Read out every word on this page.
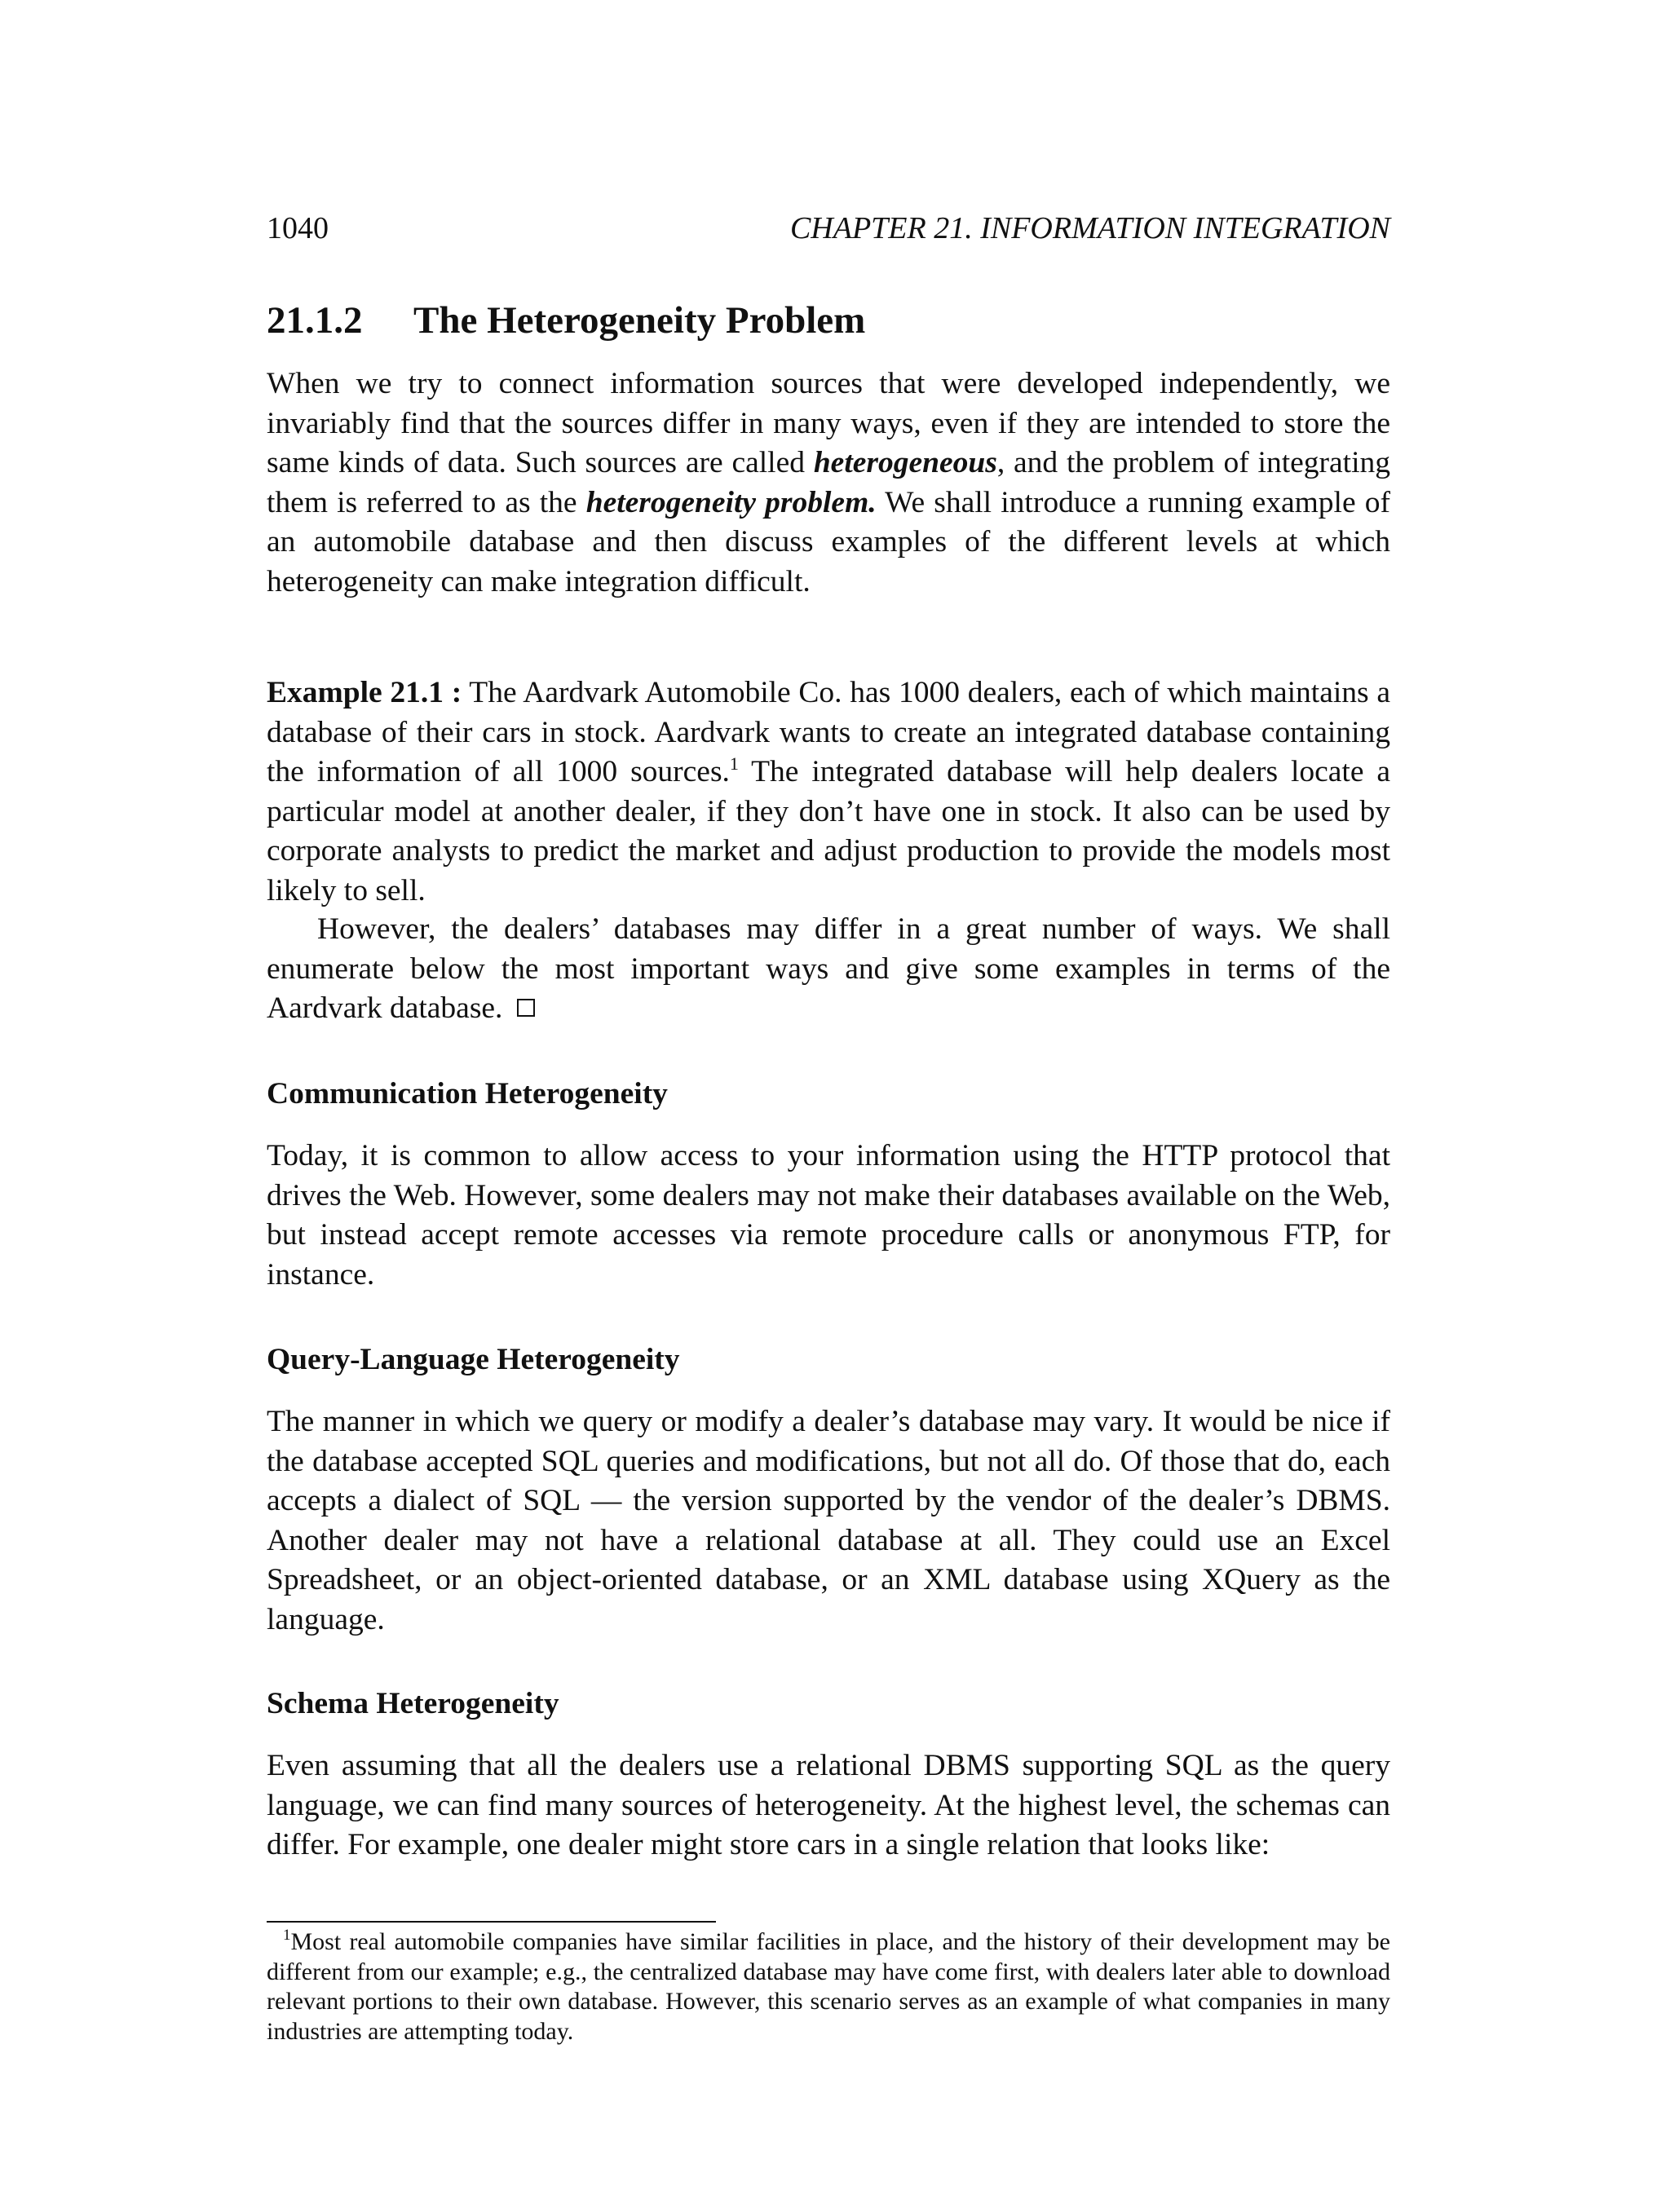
1040	CHAPTER 21. INFORMATION INTEGRATION
21.1.2 The Heterogeneity Problem

When we try to connect information sources that were developed independently, we invariably find that the sources differ in many ways, even if they are intended to store the same kinds of data. Such sources are called heterogeneous, and the problem of integrating them is referred to as the heterogeneity problem. We shall introduce a running example of an automobile database and then discuss examples of the different levels at which heterogeneity can make integration difficult.

Example 21.1 : The Aardvark Automobile Co. has 1000 dealers, each of which maintains a database of their cars in stock. Aardvark wants to create an integrated database containing the information of all 1000 sources.$^1$ The integrated database will help dealers locate a particular model at another dealer, if they don’t have one in stock. It also can be used by corporate analysts to predict the market and adjust production to provide the models most likely to sell.

However, the dealers’ databases may differ in a great number of ways. We shall enumerate below the most important ways and give some examples in terms of the Aardvark database.

Communication Heterogeneity

Today, it is common to allow access to your information using the HTTP protocol that drives the Web. However, some dealers may not make their databases available on the Web, but instead accept remote accesses via remote procedure calls or anonymous FTP, for instance.

Query-Language Heterogeneity

The manner in which we query or modify a dealer’s database may vary. It would be nice if the database accepted SQL queries and modifications, but not all do. Of those that do, each accepts a dialect of SQL — the version supported by the vendor of the dealer’s DBMS. Another dealer may not have a relational database at all. They could use an Excel Spreadsheet, or an object-oriented database, or an XML database using XQuery as the language.

Schema Heterogeneity

Even assuming that all the dealers use a relational DBMS supporting SQL as the query language, we can find many sources of heterogeneity. At the highest level, the schemas can differ. For example, one dealer might store cars in a single relation that looks like:

$^1$Most real automobile companies have similar facilities in place, and the history of their development may be different from our example; e.g., the centralized database may have come first, with dealers later able to download relevant portions to their own database. However, this scenario serves as an example of what companies in many industries are attempting today.
